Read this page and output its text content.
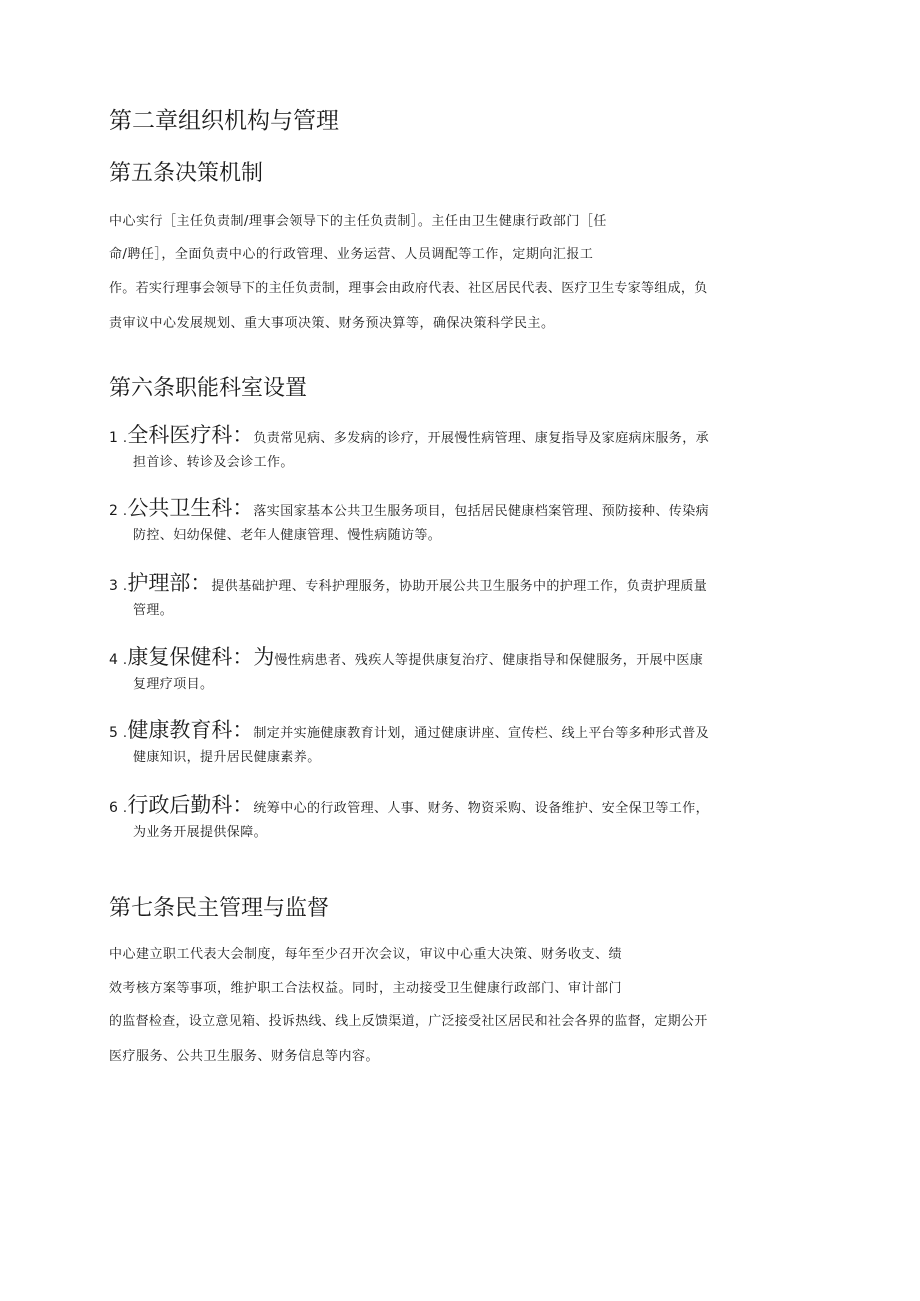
第二章组织机构与管理
第五条决策机制
中心实行［主任负责制/理事会领导下的主任负责制］。主任由卫生健康行政部门［任
命/聘任］，全面负责中心的行政管理、业务运营、人员调配等工作，定期向汇报工
作。若实行理事会领导下的主任负责制，理事会由政府代表、社区居民代表、医疗卫生专家等组成，负
责审议中心发展规划、重大事项决策、财务预决算等，确保决策科学民主。
第六条职能科室设置
1 .全科医疗科：负责常见病、多发病的诊疗，开展慢性病管理、康复指导及家庭病床服务，承
担首诊、转诊及会诊工作。
2 .公共卫生科：落实国家基本公共卫生服务项目，包括居民健康档案管理、预防接种、传染病
防控、妇幼保健、老年人健康管理、慢性病随访等。
3 .护理部：提供基础护理、专科护理服务，协助开展公共卫生服务中的护理工作，负责护理质量
管理。
4 .康复保健科：为慢性病患者、残疾人等提供康复治疗、健康指导和保健服务，开展中医康
复理疗项目。
5 .健康教育科：制定并实施健康教育计划，通过健康讲座、宣传栏、线上平台等多种形式普及
健康知识，提升居民健康素养。
6 .行政后勤科：统筹中心的行政管理、人事、财务、物资采购、设备维护、安全保卫等工作，
为业务开展提供保障。
第七条民主管理与监督
中心建立职工代表大会制度，每年至少召开次会议，审议中心重大决策、财务收支、绩
效考核方案等事项，维护职工合法权益。同时，主动接受卫生健康行政部门、审计部门
的监督检查，设立意见箱、投诉热线、线上反馈渠道，广泛接受社区居民和社会各界的监督，定期公开
医疗服务、公共卫生服务、财务信息等内容。
